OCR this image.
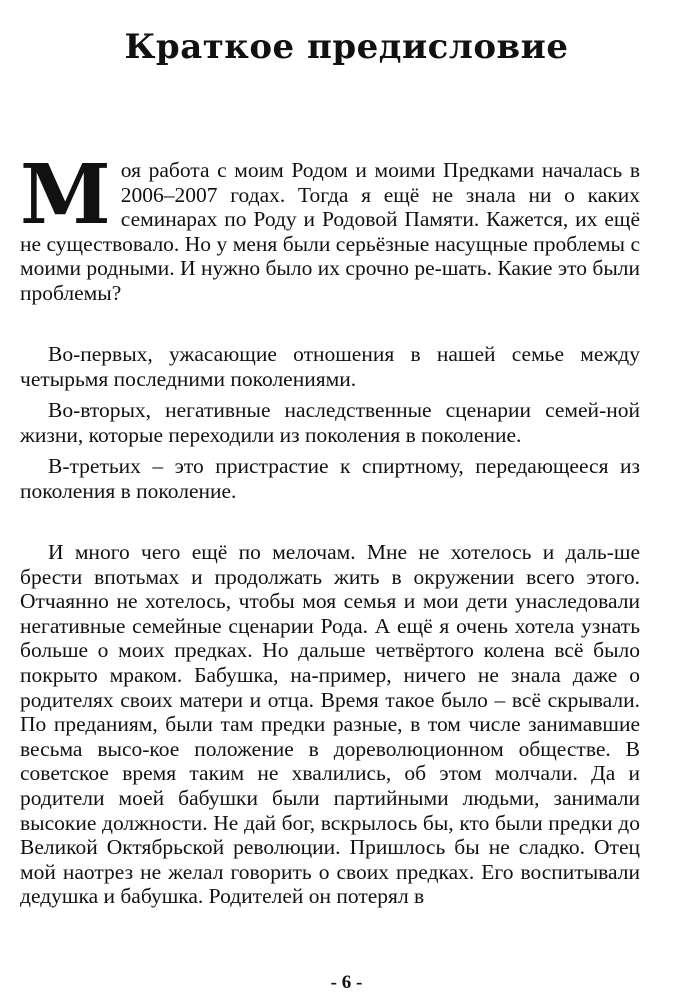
Краткое предисловие
М оя работа с моим Родом и моими Предками началась в 2006–2007 годах. Тогда я ещё не знала ни о каких семинарах по Роду и Родовой Памяти. Кажется, их ещё не существовало. Но у меня были серьёзные насущные проблемы с моими родными. И нужно было их срочно ре-шать. Какие это были проблемы?

Во-первых, ужасающие отношения в нашей семье между четырьмя последними поколениями.

Во-вторых, негативные наследственные сценарии семей-ной жизни, которые переходили из поколения в поколение.

В-третьих – это пристрастие к спиртному, передающееся из поколения в поколение.

И много чего ещё по мелочам. Мне не хотелось и даль-ше брести впотьмах и продолжать жить в окружении всего этого. Отчаянно не хотелось, чтобы моя семья и мои дети унаследовали негативные семейные сценарии Рода. А ещё я очень хотела узнать больше о моих предках. Но дальше четвёртого колена всё было покрыто мраком. Бабушка, на-пример, ничего не знала даже о родителях своих матери и отца. Время такое было – всё скрывали. По преданиям, были там предки разные, в том числе занимавшие весьма высо-кое положение в дореволюционном обществе. В советское время таким не хвалились, об этом молчали. Да и родители моей бабушки были партийными людьми, занимали высокие должности. Не дай бог, вскрылось бы, кто были предки до Великой Октябрьской революции. Пришлось бы не сладко. Отец мой наотрез не желал говорить о своих предках. Его воспитывали дедушка и бабушка. Родителей он потерял в

- 6 -
